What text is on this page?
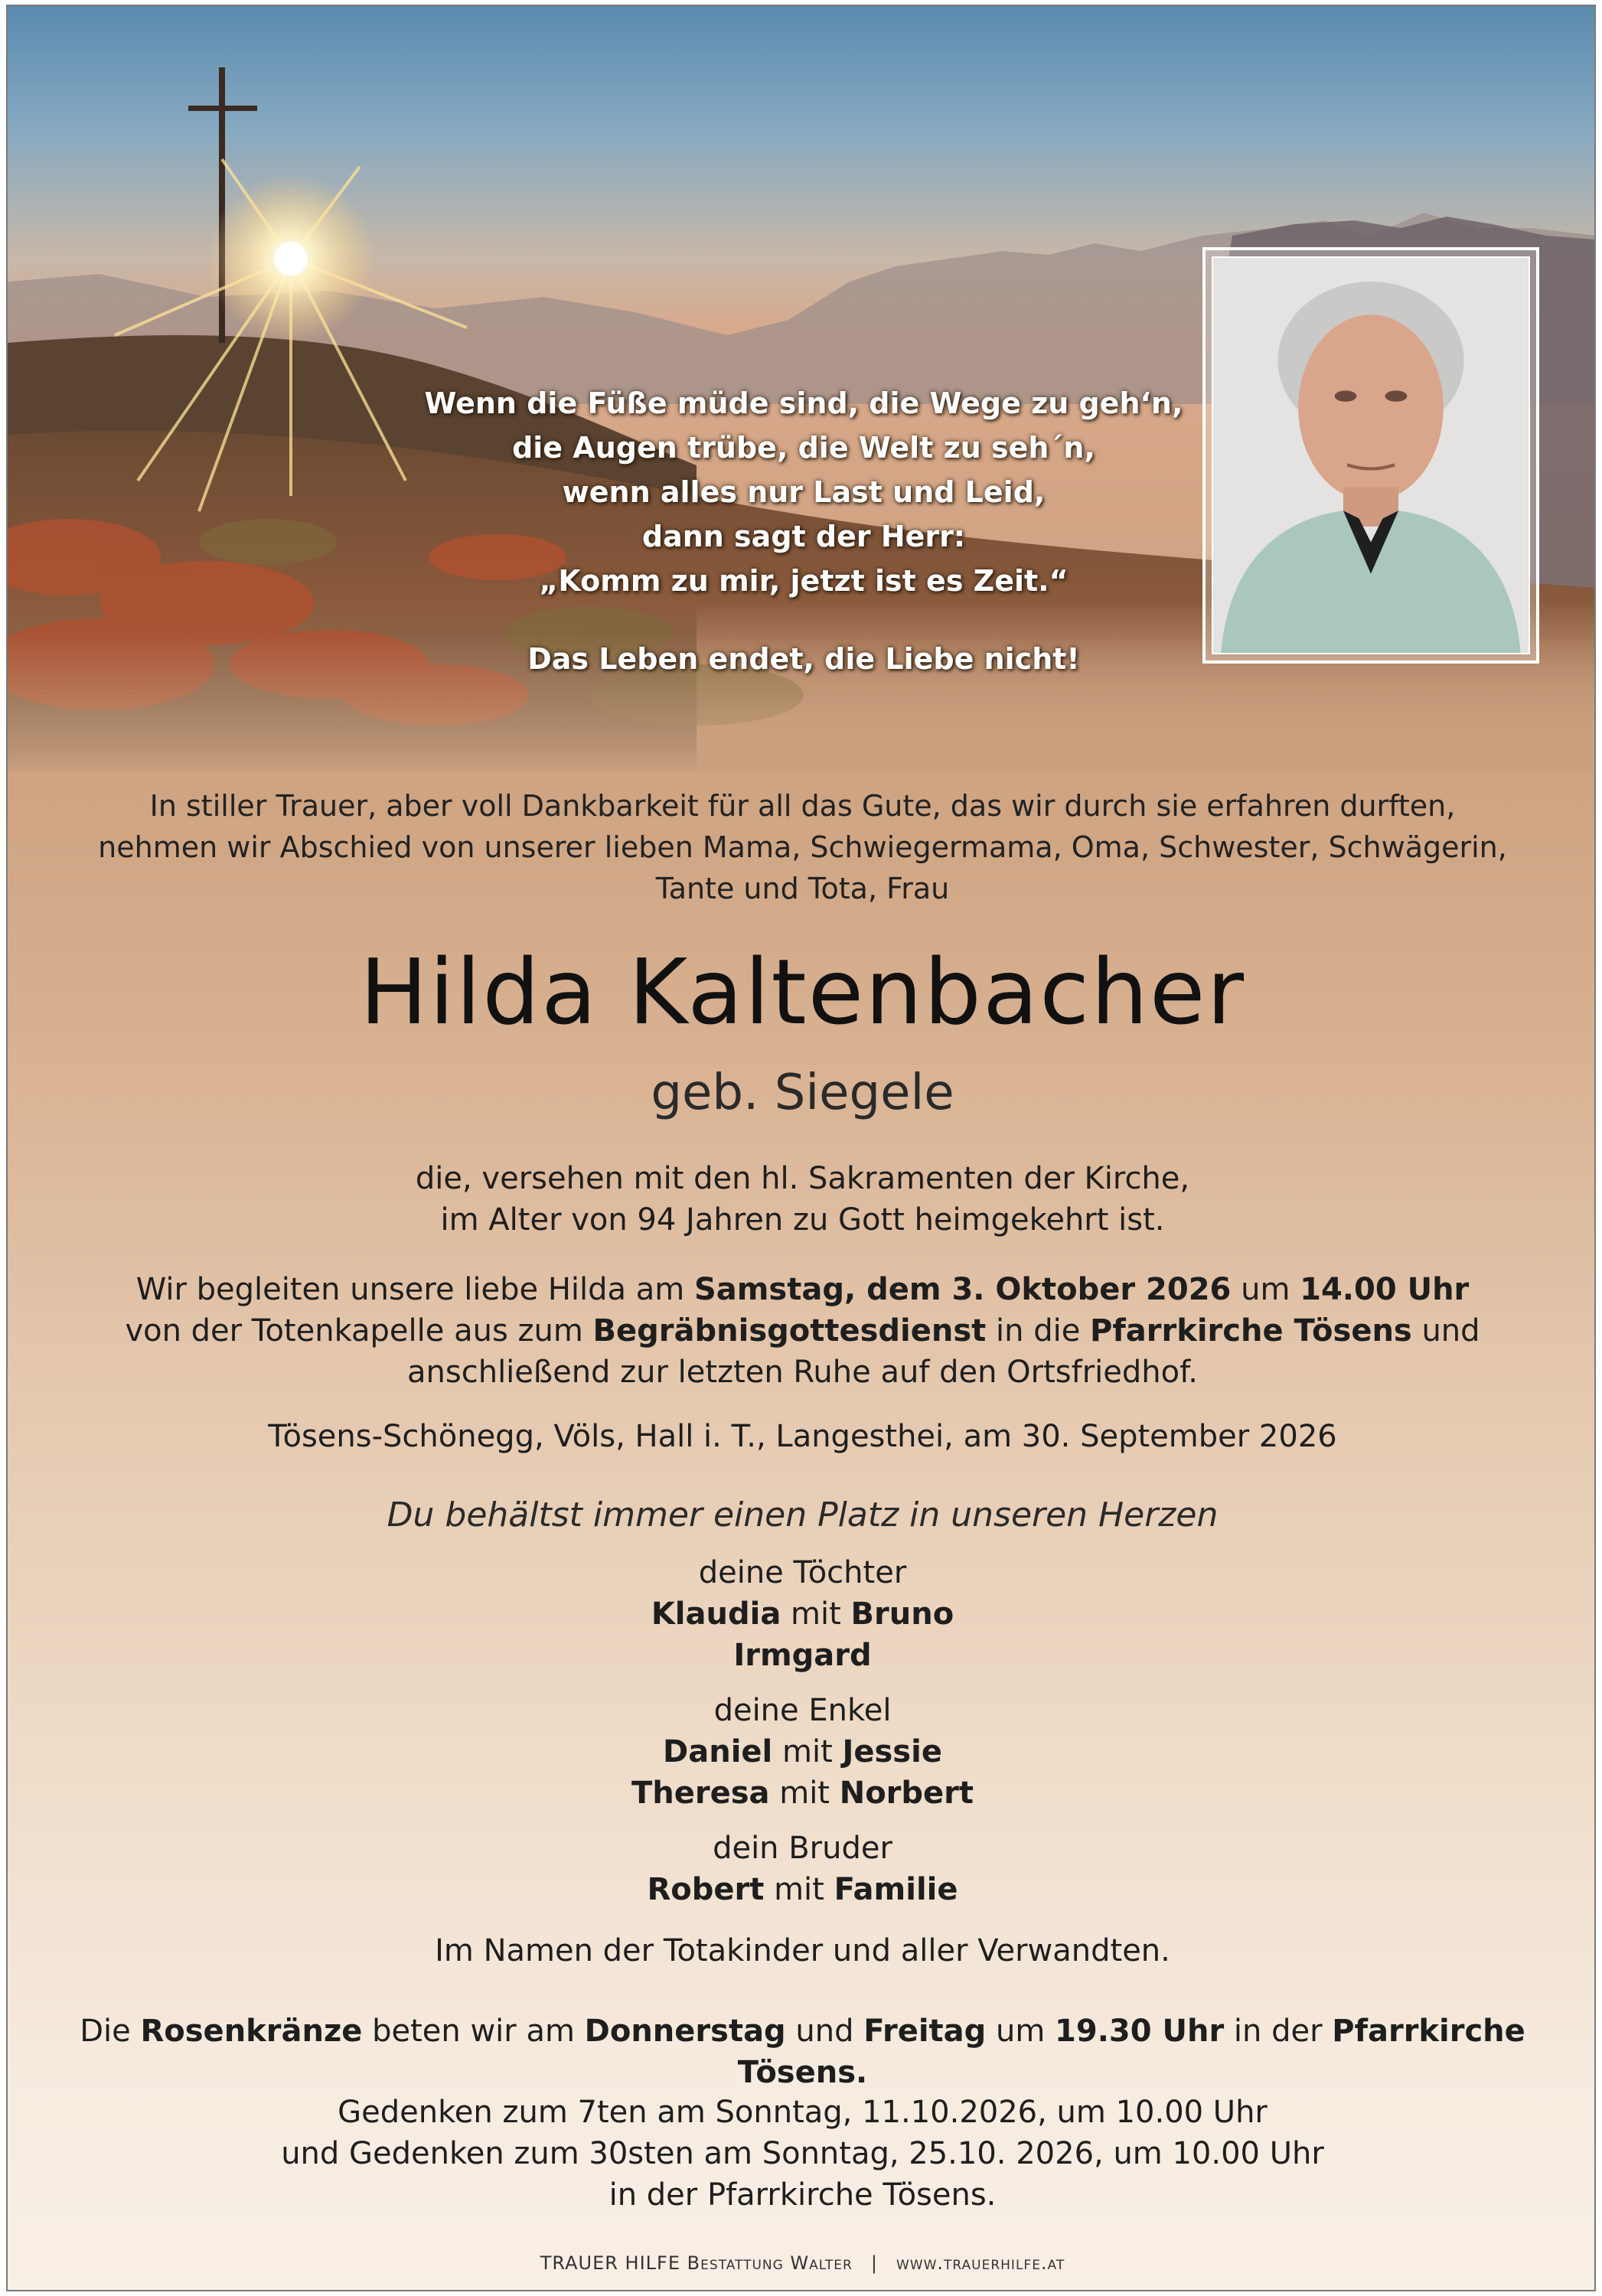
Wenn die Füße müde sind, die Wege zu geh‘n,
die Augen trübe, die Welt zu seh´n,
wenn alles nur Last und Leid,
dann sagt der Herr:
„Komm zu mir, jetzt ist es Zeit.“
Das Leben endet, die Liebe nicht!
In stiller Trauer, aber voll Dankbarkeit für all das Gute, das wir durch sie erfahren durften,
nehmen wir Abschied von unserer lieben Mama, Schwiegermama, Oma, Schwester, Schwägerin,
Tante und Tota, Frau
Hilda Kaltenbacher
geb. Siegele
die, versehen mit den hl. Sakramenten der Kirche,
im Alter von 94 Jahren zu Gott heimgekehrt ist.
Wir begleiten unsere liebe Hilda am Samstag, dem 3. Oktober 2026 um 14.00 Uhr
von der Totenkapelle aus zum Begräbnisgottesdienst in die Pfarrkirche Tösens und
anschließend zur letzten Ruhe auf den Ortsfriedhof.
Tösens-Schönegg, Völs, Hall i. T., Langesthei, am 30. September 2026
Du behältst immer einen Platz in unseren Herzen
deine Töchter
Klaudia mit Bruno
Irmgard
deine Enkel
Daniel mit Jessie
Theresa mit Norbert
dein Bruder
Robert mit Familie
Im Namen der Totakinder und aller Verwandten.
Die Rosenkränze beten wir am Donnerstag und Freitag um 19.30 Uhr in der Pfarrkirche Tösens.
Gedenken zum 7ten am Sonntag, 11.10.2026, um 10.00 Uhr
und Gedenken zum 30sten am Sonntag, 25.10. 2026, um 10.00 Uhr
in der Pfarrkirche Tösens.
TRAUER HILFE Bestattung Walter | www.trauerhilfe.at
